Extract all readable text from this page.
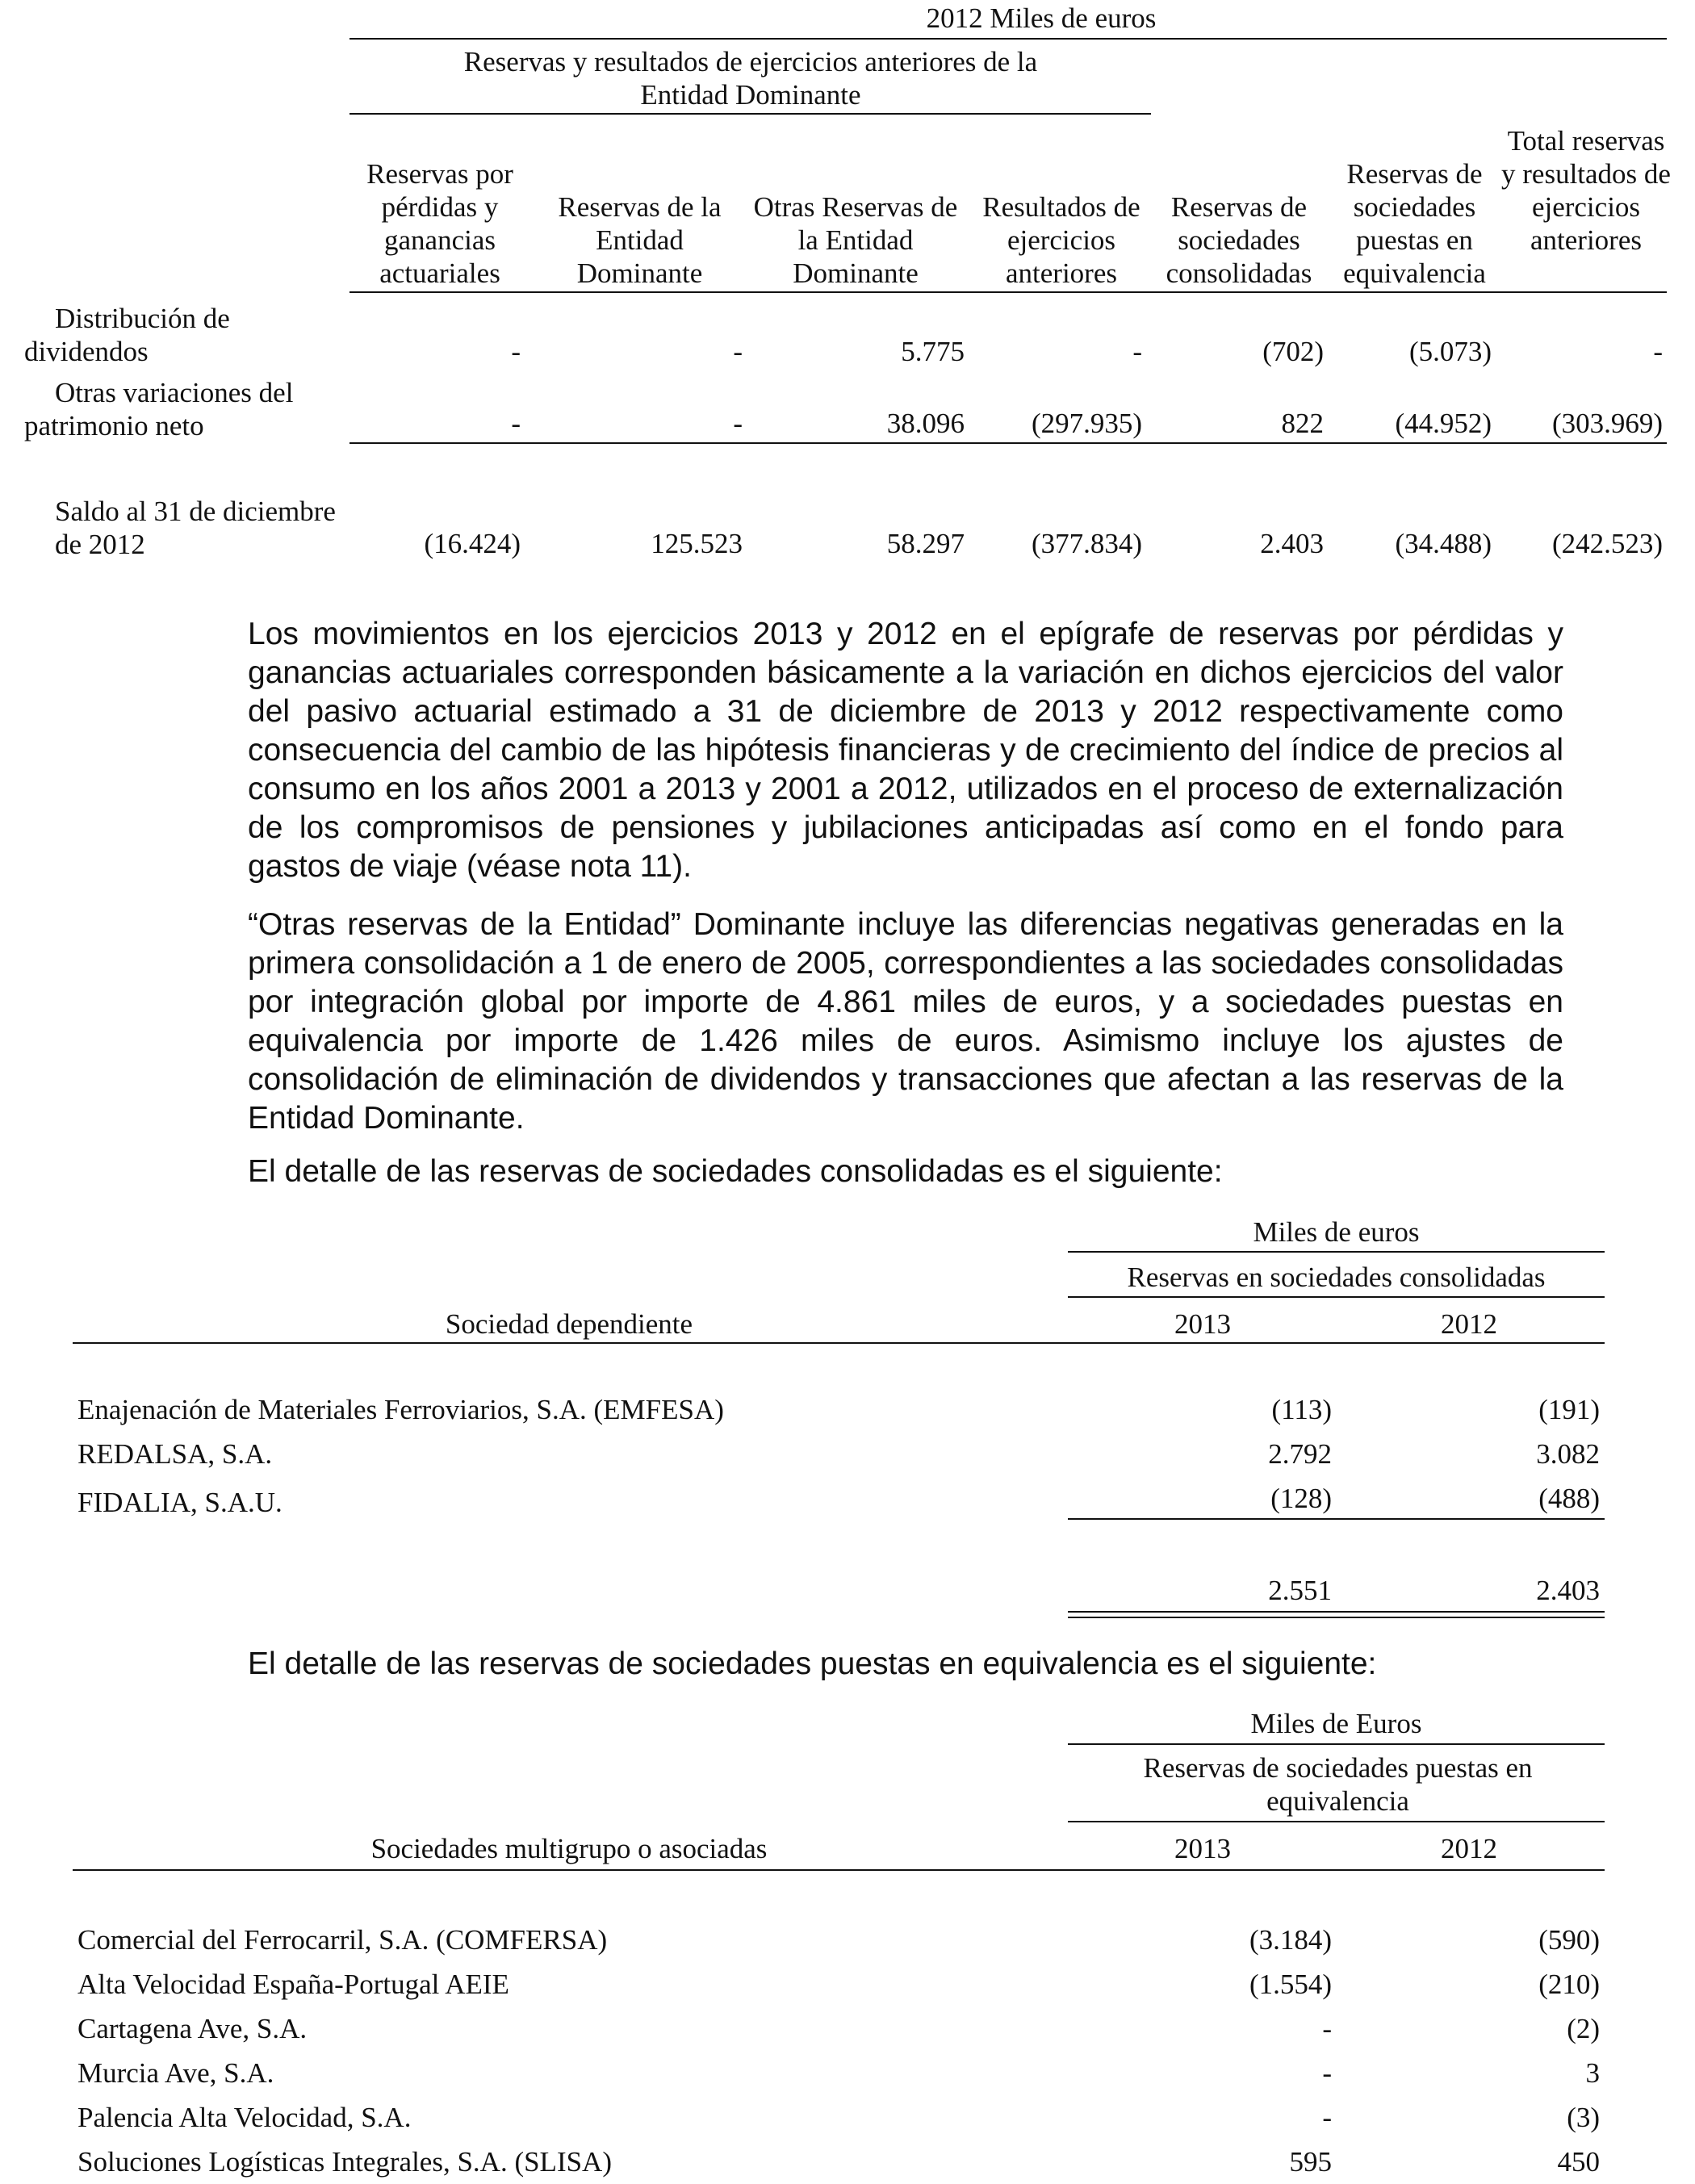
2012 Miles de euros
Reservas y resultados de ejercicios anteriores de la Entidad Dominante
Reservas por pérdidas y ganancias actuariales
Reservas de la Entidad Dominante
Otras Reservas de la Entidad Dominante
Resultados de ejercicios anteriores
Reservas de sociedades consolidadas
Reservas de sociedades puestas en equivalencia
Total reservas y resultados de ejercicios anteriores
Distribución de dividendos	-	-	5.775	-	(702)	(5.073)	-
Otras variaciones del patrimonio neto	-	-	38.096	(297.935)	822	(44.952)	(303.969)
Saldo al 31 de diciembre de 2012	(16.424)	125.523	58.297	(377.834)	2.403	(34.488)	(242.523)

Los movimientos en los ejercicios 2013 y 2012 en el epígrafe de reservas por pérdidas y ganancias actuariales corresponden básicamente a la variación en dichos ejercicios del valor del pasivo actuarial estimado a 31 de diciembre de 2013 y 2012 respectivamente como consecuencia del cambio de las hipótesis financieras y de crecimiento del índice de precios al consumo en los años 2001 a 2013 y 2001 a 2012, utilizados en el proceso de externalización de los compromisos de pensiones y jubilaciones anticipadas así como en el fondo para gastos de viaje (véase nota 11).

“Otras reservas de la Entidad” Dominante incluye las diferencias negativas generadas en la primera consolidación a 1 de enero de 2005, correspondientes a las sociedades consolidadas por integración global por importe de 4.861 miles de euros, y a sociedades puestas en equivalencia por importe de 1.426 miles de euros. Asimismo incluye los ajustes de consolidación de eliminación de dividendos y transacciones que afectan a las reservas de la Entidad Dominante.

El detalle de las reservas de sociedades consolidadas es el siguiente:

Miles de euros
Reservas en sociedades consolidadas
Sociedad dependiente	2013	2012
Enajenación de Materiales Ferroviarios, S.A. (EMFESA)	(113)	(191)
REDALSA, S.A.	2.792	3.082
FIDALIA, S.A.U.	(128)	(488)
2.551	2.403

El detalle de las reservas de sociedades puestas en equivalencia es el siguiente:

Miles de Euros
Reservas de sociedades puestas en equivalencia
Sociedades multigrupo o asociadas	2013	2012
Comercial del Ferrocarril, S.A. (COMFERSA)	(3.184)	(590)
Alta Velocidad España-Portugal AEIE	(1.554)	(210)
Cartagena Ave, S.A.	-	(2)
Murcia Ave, S.A.	-	3
Palencia Alta Velocidad, S.A.	-	(3)
Soluciones Logísticas Integrales, S.A. (SLISA)	595	450
